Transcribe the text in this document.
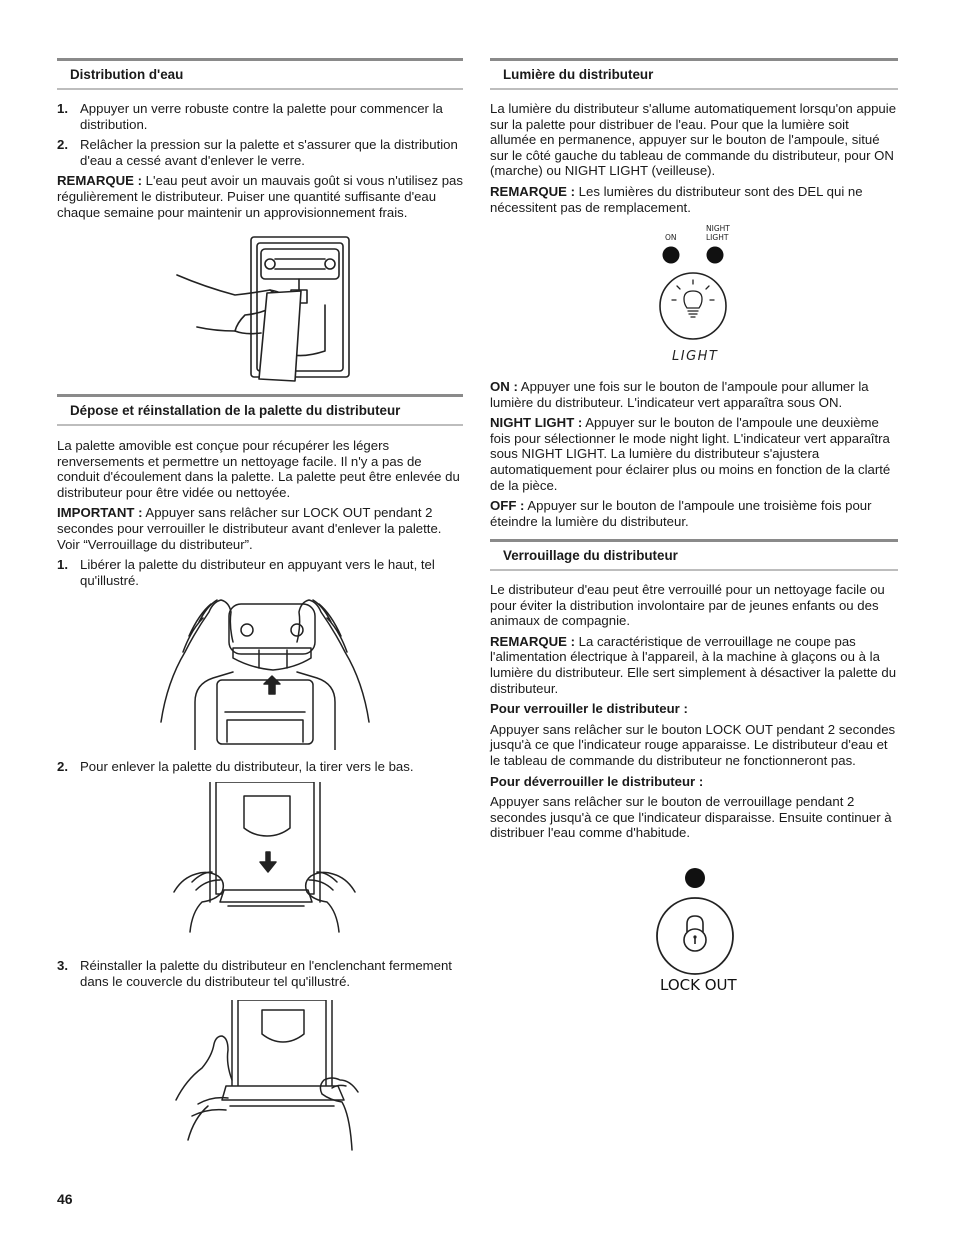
Distribution d'eau
1. Appuyer un verre robuste contre la palette pour commencer la distribution.
2. Relâcher la pression sur la palette et s'assurer que la distribution d'eau a cessé avant d'enlever le verre.

REMARQUE : L'eau peut avoir un mauvais goût si vous n'utilisez pas régulièrement le distributeur. Puiser une quantité suffisante d'eau chaque semaine pour maintenir un approvisionnement frais.

Dépose et réinstallation de la palette du distributeur

La palette amovible est conçue pour récupérer les légers renversements et permettre un nettoyage facile. Il n'y a pas de conduit d'écoulement dans la palette. La palette peut être enlevée du distributeur pour être vidée ou nettoyée.

IMPORTANT : Appuyer sans relâcher sur LOCK OUT pendant 2 secondes pour verrouiller le distributeur avant d'enlever la palette. Voir “Verrouillage du distributeur”.

1. Libérer la palette du distributeur en appuyant vers le haut, tel qu'illustré.
2. Pour enlever la palette du distributeur, la tirer vers le bas.
3. Réinstaller la palette du distributeur en l'enclenchant fermement dans le couvercle du distributeur tel qu'illustré.
Lumière du distributeur

La lumière du distributeur s'allume automatiquement lorsqu'on appuie sur la palette pour distribuer de l'eau. Pour que la lumière soit allumée en permanence, appuyer sur le bouton de l'ampoule, situé sur le côté gauche du tableau de commande du distributeur, pour ON (marche) ou NIGHT LIGHT (veilleuse).

REMARQUE : Les lumières du distributeur sont des DEL qui ne nécessitent pas de remplacement.

ON
NIGHT
LIGHT
LIGHT

ON : Appuyer une fois sur le bouton de l'ampoule pour allumer la lumière du distributeur. L'indicateur vert apparaîtra sous ON.

NIGHT LIGHT : Appuyer sur le bouton de l'ampoule une deuxième fois pour sélectionner le mode night light. L'indicateur vert apparaîtra sous NIGHT LIGHT. La lumière du distributeur s'ajustera automatiquement pour éclairer plus ou moins en fonction de la clarté de la pièce.

OFF : Appuyer sur le bouton de l'ampoule une troisième fois pour éteindre la lumière du distributeur.

Verrouillage du distributeur

Le distributeur d'eau peut être verrouillé pour un nettoyage facile ou pour éviter la distribution involontaire par de jeunes enfants ou des animaux de compagnie.

REMARQUE : La caractéristique de verrouillage ne coupe pas l'alimentation électrique à l'appareil, à la machine à glaçons ou à la lumière du distributeur. Elle sert simplement à désactiver la palette du distributeur.

Pour verrouiller le distributeur :

Appuyer sans relâcher sur le bouton LOCK OUT pendant 2 secondes jusqu'à ce que l'indicateur rouge apparaisse. Le distributeur d'eau et le tableau de commande du distributeur ne fonctionneront pas.

Pour déverrouiller le distributeur :

Appuyer sans relâcher sur le bouton de verrouillage pendant 2 secondes jusqu'à ce que l'indicateur disparaisse. Ensuite continuer à distribuer l'eau comme d'habitude.

LOCK OUT
46
